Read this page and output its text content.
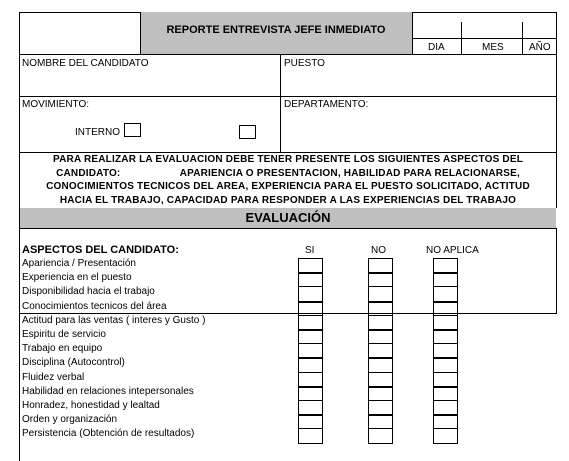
REPORTE ENTREVISTA JEFE INMEDIATO
DIA	MES	AÑO
NOMBRE DEL CANDIDATO	PUESTO
MOVIMIENTO:	DEPARTAMENTO:
INTERNO

PARA REALIZAR LA EVALUACION DEBE TENER PRESENTE LOS SIGUIENTES ASPECTOS DEL

CANDIDATO:                    APARIENCIA O PRESENTACION, HABILIDAD PARA RELACIONARSE,

CONOCIMIENTOS TECNICOS DEL AREA, EXPERIENCIA PARA EL PUESTO SOLICITADO, ACTITUD

HACIA EL TRABAJO, CAPACIDAD PARA RESPONDER A LAS EXPERIENCIAS DEL TRABAJO

EVALUACIÓN
ASPECTOS DEL CANDIDATO:	SI	NO	NO APLICA
Apariencia / Presentación
Experiencia en el puesto
Disponibilidad hacia el trabajo
Conocimientos tecnicos del área
Actitud para las ventas ( interes y Gusto )
Espiritu de servicio
Trabajo en equipo
Disciplina (Autocontrol)
Fluidez verbal
Habilidad en relaciones intepersonales
Honradez, honestidad y lealtad
Orden y organización
Persistencia (Obtención de resultados)
